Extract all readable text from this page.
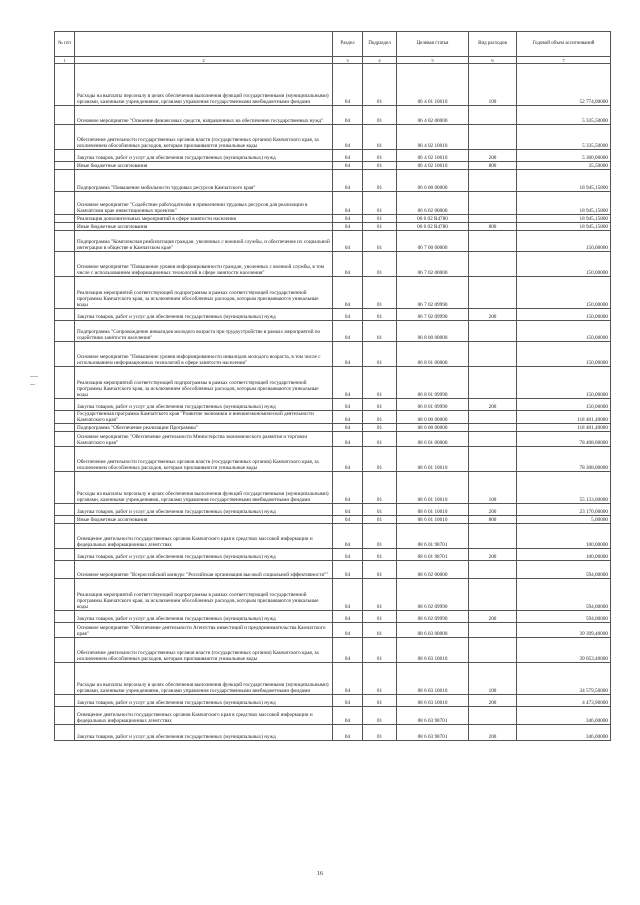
№ п/п		Раздел	Подраздел	Целевая статья	Вид расходов	Годовой объем ассигнований
1	2	3	4	5	6	7
	Расходы на выплаты персоналу в целях обеспечения выполнения функций государственными (муниципальными) органами, казенными учреждениями, органами управления государственными внебюджетными фондами	04	01	06 4 01 10010	100	52 774,00000
	Основное мероприятие "Освоение финансовых средств, направленных на обеспечение государственных нужд"	04	01	06 4 02 00000		5 335,50000
	Обеспечение деятельности государственных органов власти (государственных органов) Камчатского края, за исключением обособленных расходов, которым присваиваются уникальные коды	04	01	06 4 02 10010		5 335,50000
	Закупка товаров, работ и услуг для обеспечения государственных (муниципальных) нужд	04	01	06 4 02 10010	200	5 300,00000
	Иные бюджетные ассигнования	04	01	06 4 02 10010	800	35,50000
	Подпрограмма "Повышение мобильности трудовых ресурсов Камчатского края"	04	01	06 6 00 00000		18 945,15800
	Основное мероприятие "Содействие работодателям в привлечении трудовых ресурсов для реализации в Камчатском крае инвестиционных проектов"	04	01	06 6 02 00000		18 945,15800
	Реализация дополнительных мероприятий в сфере занятости населения	04	01	06 6 02 R4780		18 945,15800
	Иные бюджетные ассигнования	04	01	06 6 02 R4780	800	18 945,15800
	Подпрограмма "Комплексная реабилитация граждан, уволенных с военной службы, и обеспечение их социальной интеграции в обществе в Камчатском крае"	04	01	06 7 00 00000		150,00000
	Основное мероприятие "Повышение уровня информированности граждан, уволенных с военной службы, в том числе с использованием информационных технологий в сфере занятости населения"	04	01	06 7 02 00000		150,00000
	Реализация мероприятий соответствующей подпрограммы в рамках соответствующей государственной программы Камчатского края, за исключением обособленных расходов, которым присваиваются уникальные коды	04	01	06 7 02 09990		150,00000
	Закупка товаров, работ и услуг для обеспечения государственных (муниципальных) нужд	04	01	06 7 02 09990	200	150,00000
	Подпрограмма "Сопровождение инвалидов молодого возраста при трудоустройстве в рамках мероприятий по содействию занятости населения"	04	01	06 8 00 00000		150,00000
	Основное мероприятие "Повышение уровня информированности инвалидов молодого возраста, в том числе с использованием информационных технологий в сфере занятости населения"	04	01	06 8 01 00000		150,00000
	Реализация мероприятий соответствующей подпрограммы в рамках соответствующей государственной программы Камчатского края, за исключением обособленных расходов, которым присваиваются уникальные коды	04	01	06 8 01 09990		150,00000
	Закупка товаров, работ и услуг для обеспечения государственных (муниципальных) нужд	04	01	06 8 01 09990	200	150,00000
	Государственная программа Камчатского края "Развитие экономики и внешнеэкономической деятельности Камчатского края"	04	01	08 0 00 00000		118 401,40000
	Подпрограмма "Обеспечение реализации Программы"	04	01	08 6 00 00000		118 401,40000
	Основное мероприятие "Обеспечение деятельности Министерства экономического развития и торговли Камчатского края"	04	01	08 6 01 00000		78 408,00000
	Обеспечение деятельности государственных органов власти (государственных органов) Камчатского края, за исключением обособленных расходов, которым присваиваются уникальные коды	04	01	08 6 01 10010		78 308,00000
	Расходы на выплаты персоналу в целях обеспечения выполнения функций государственными (муниципальными) органами, казенными учреждениями, органами управления государственными внебюджетными фондами	04	01	08 6 01 10010	100	55 133,00000
	Закупка товаров, работ и услуг для обеспечения государственных (муниципальных) нужд	04	01	08 6 01 10010	200	23 170,00000
	Иные бюджетные ассигнования	04	01	08 6 01 10010	800	5,00000
	Освещение деятельности государственных органов Камчатского края в средствах массовой информации и федеральных информационных агентствах	04	01	08 6 01 98701		100,00000
	Закупка товаров, работ и услуг для обеспечения государственных (муниципальных) нужд	04	01	08 6 01 98701	200	100,00000
	Основное мероприятие "Всероссийский конкурс "Российская организация высокой социальной эффективности""	04	01	08 6 02 00000		594,00000
	Реализация мероприятий соответствующей подпрограммы в рамках соответствующей государственной программы Камчатского края, за исключением обособленных расходов, которым присваиваются уникальные коды	04	01	08 6 02 09990		594,00000
	Закупка товаров, работ и услуг для обеспечения государственных (муниципальных) нужд	04	01	08 6 02 09990	200	594,00000
	Основное мероприятие "Обеспечение деятельности Агентства инвестиций и предпринимательства Камчатского края"	04	01	08 6 03 00000		39 399,40000
	Обеспечение деятельности государственных органов власти (государственных органов) Камчатского края, за исключением обособленных расходов, которым присваиваются уникальные коды	04	01	08 6 03 10010		39 053,40000
	Расходы на выплаты персоналу в целях обеспечения выполнения функций государственными (муниципальными) органами, казенными учреждениями, органами управления государственными внебюджетными фондами	04	01	08 6 03 10010	100	34 579,50000
	Закупка товаров, работ и услуг для обеспечения государственных (муниципальных) нужд	04	01	08 6 03 10010	200	4 473,90000
	Освещение деятельности государственных органов Камчатского края в средствах массовой информации и федеральных информационных агентствах	04	01	08 6 03 98701		346,00000
	Закупка товаров, работ и услуг для обеспечения государственных (муниципальных) нужд	04	01	08 6 03 98701	200	346,00000
16
